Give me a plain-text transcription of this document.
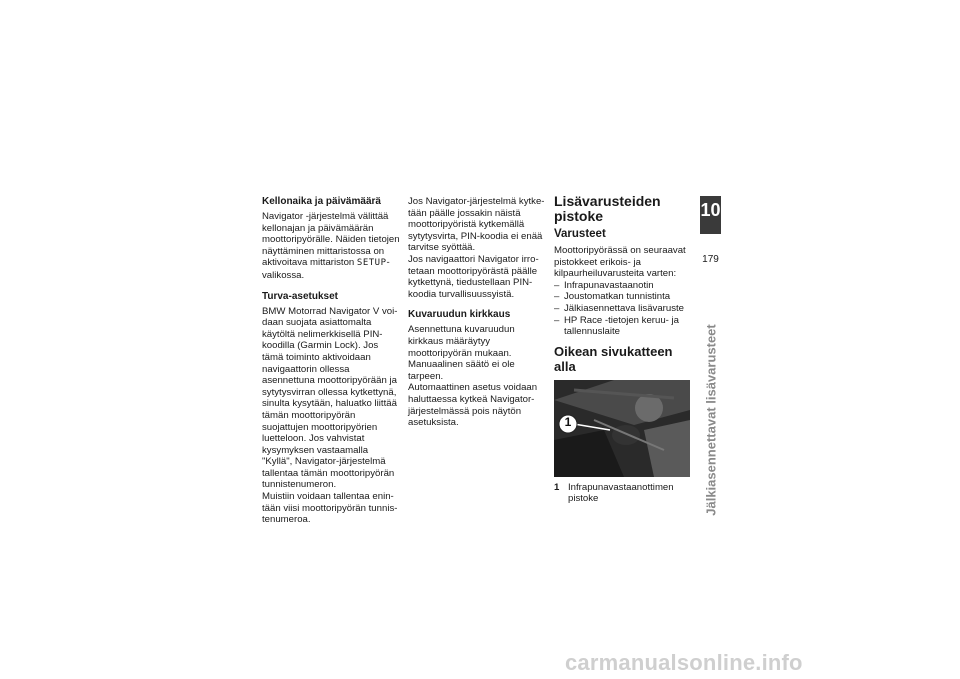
Kellonaika ja päivämäärä

Navigator -järjestelmä välittää kellonajan ja päivämäärän moottoripyörälle. Näiden tietojen näyttäminen mittaristossa on aktivoitava mittariston SETUP-valikossa.

Turva-asetukset

BMW Motorrad Navigator V voidaan suojata asiattomalta käytöltä nelimerkkisellä PIN-koodilla (Garmin Lock). Jos tämä toiminto aktivoidaan navigaattorin ollessa asennettuna moottoripyörään ja sytytysvirran ollessa kytkettynä, sinulta kysytään, haluatko liittää tämän moottoripyörän suojattujen moottoripyörien luetteloon. Jos vahvistat kysymyksen vastaamalla "Kyllä", Navigator-järjestelmä tallentaa tämän moottoripyörän tunnistenumeron.

Muistiin voidaan tallentaa enintään viisi moottoripyörän tunnistenumeroa.

Jos Navigator-järjestelmä kytketään päälle jossakin näistä moottoripyöristä kytkemällä sytytysvirta, PIN-koodia ei enää tarvitse syöttää.

Jos navigaattori Navigator irrotetaan moottoripyörästä päälle kytkettynä, tiedustellaan PIN-koodia turvallisuussyistä.

Kuvaruudun kirkkaus

Asennettuna kuvaruudun kirkkaus määräytyy moottoripyörän mukaan. Manuaalinen säätö ei ole tarpeen.

Automaattinen asetus voidaan haluttaessa kytkeä Navigator-järjestelmässä pois näytön asetuksista.

Lisävarusteiden pistoke
Varusteet

Moottoripyörässä on seuraavat pistokkeet erikois- ja kilpaurheiluvarusteita varten:

– Infrapunavastaanotin
– Joustomatkan tunnistinta
– Jälkiasennettava lisävaruste
– HP Race -tietojen keruu- ja tallennuslaite
Oikean sivukatteen alla
1
1 Infrapunavastaanottimen pistoke
10
179
Jälkiasennettavat lisävarusteet
carmanualsonline.info
